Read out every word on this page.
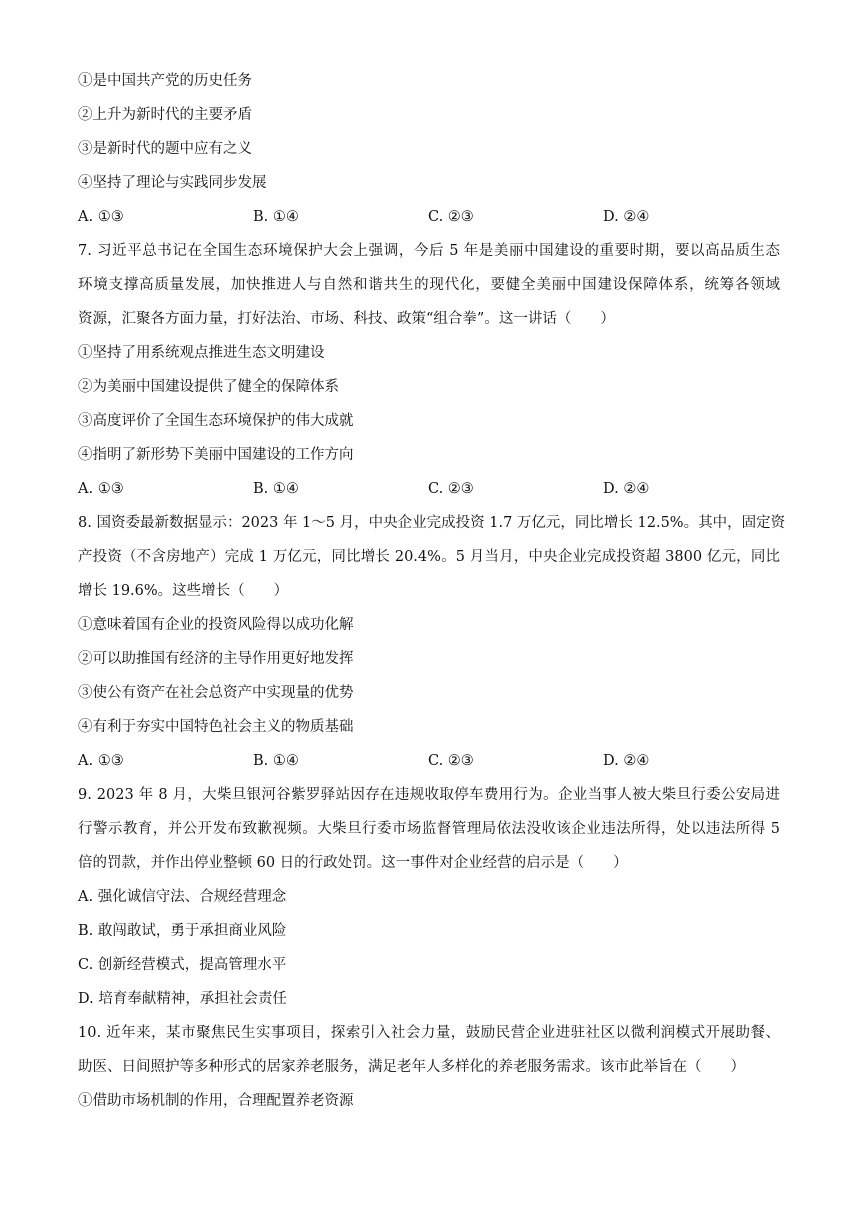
①是中国共产党的历史任务
②上升为新时代的主要矛盾
③是新时代的题中应有之义
④坚持了理论与实践同步发展
A. ①③	B. ①④	C. ②③	D. ②④
7. 习近平总书记在全国生态环境保护大会上强调，今后 5 年是美丽中国建设的重要时期，要以高品质生态
环境支撑高质量发展，加快推进人与自然和谐共生的现代化，要健全美丽中国建设保障体系，统筹各领域
资源，汇聚各方面力量，打好法治、市场、科技、政策“组合拳”。这一讲话（　　）
①坚持了用系统观点推进生态文明建设
②为美丽中国建设提供了健全的保障体系
③高度评价了全国生态环境保护的伟大成就
④指明了新形势下美丽中国建设的工作方向
A. ①③	B. ①④	C. ②③	D. ②④
8. 国资委最新数据显示：2023 年 1～5 月，中央企业完成投资 1.7 万亿元，同比增长 12.5%。其中，固定资
产投资（不含房地产）完成 1 万亿元，同比增长 20.4%。5 月当月，中央企业完成投资超 3800 亿元，同比
增长 19.6%。这些增长（　　）
①意味着国有企业的投资风险得以成功化解
②可以助推国有经济的主导作用更好地发挥
③使公有资产在社会总资产中实现量的优势
④有利于夯实中国特色社会主义的物质基础
A. ①③	B. ①④	C. ②③	D. ②④
9. 2023 年 8 月，大柴旦银河谷紫罗驿站因存在违规收取停车费用行为。企业当事人被大柴旦行委公安局进
行警示教育，并公开发布致歉视频。大柴旦行委市场监督管理局依法没收该企业违法所得，处以违法所得 5
倍的罚款，并作出停业整顿 60 日的行政处罚。这一事件对企业经营的启示是（　　）
A. 强化诚信守法、合规经营理念
B. 敢闯敢试，勇于承担商业风险
C. 创新经营模式，提高管理水平
D. 培育奉献精神，承担社会责任
10. 近年来，某市聚焦民生实事项目，探索引入社会力量，鼓励民营企业进驻社区以微利润模式开展助餐、
助医、日间照护等多种形式的居家养老服务，满足老年人多样化的养老服务需求。该市此举旨在（　　）
①借助市场机制的作用，合理配置养老资源
